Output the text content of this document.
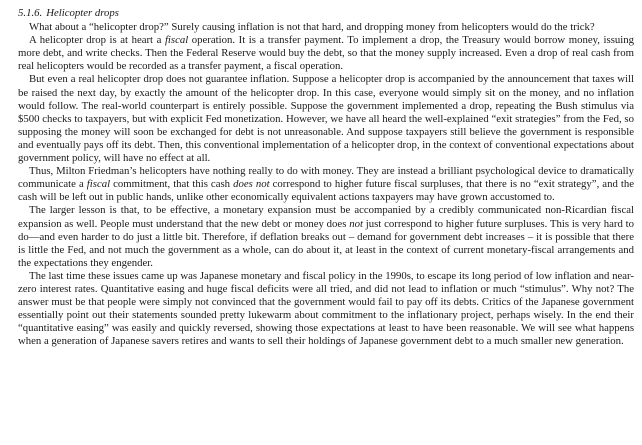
5.1.6. Helicopter drops

What about a “helicopter drop?” Surely causing inflation is not that hard, and dropping money from helicopters would do the trick?

A helicopter drop is at heart a fiscal operation. It is a transfer payment. To implement a drop, the Treasury would borrow money, issuing more debt, and write checks. Then the Federal Reserve would buy the debt, so that the money supply increased. Even a drop of real cash from real helicopters would be recorded as a transfer payment, a fiscal operation.

But even a real helicopter drop does not guarantee inflation. Suppose a helicopter drop is accompanied by the announcement that taxes will be raised the next day, by exactly the amount of the helicopter drop. In this case, everyone would simply sit on the money, and no inflation would follow. The real-world counterpart is entirely possible. Suppose the government implemented a drop, repeating the Bush stimulus via $500 checks to taxpayers, but with explicit Fed monetization. However, we have all heard the well-explained “exit strategies” from the Fed, so supposing the money will soon be exchanged for debt is not unreasonable. And suppose taxpayers still believe the government is responsible and eventually pays off its debt. Then, this conventional implementation of a helicopter drop, in the context of conventional expectations about government policy, will have no effect at all.

Thus, Milton Friedman’s helicopters have nothing really to do with money. They are instead a brilliant psychological device to dramatically communicate a fiscal commitment, that this cash does not correspond to higher future fiscal surpluses, that there is no “exit strategy”, and the cash will be left out in public hands, unlike other economically equivalent actions taxpayers may have grown accustomed to.

The larger lesson is that, to be effective, a monetary expansion must be accompanied by a credibly communicated non-Ricardian fiscal expansion as well. People must understand that the new debt or money does not just correspond to higher future surpluses. This is very hard to do—and even harder to do just a little bit. Therefore, if deflation breaks out – demand for government debt increases – it is possible that there is little the Fed, and not much the government as a whole, can do about it, at least in the context of current monetary-fiscal arrangements and the expectations they engender.

The last time these issues came up was Japanese monetary and fiscal policy in the 1990s, to escape its long period of low inflation and near-zero interest rates. Quantitative easing and huge fiscal deficits were all tried, and did not lead to inflation or much “stimulus”. Why not? The answer must be that people were simply not convinced that the government would fail to pay off its debts. Critics of the Japanese government essentially point out their statements sounded pretty lukewarm about commitment to the inflationary project, perhaps wisely. In the end their “quantitative easing” was easily and quickly reversed, showing those expectations at least to have been reasonable. We will see what happens when a generation of Japanese savers retires and wants to sell their holdings of Japanese government debt to a much smaller new generation.
